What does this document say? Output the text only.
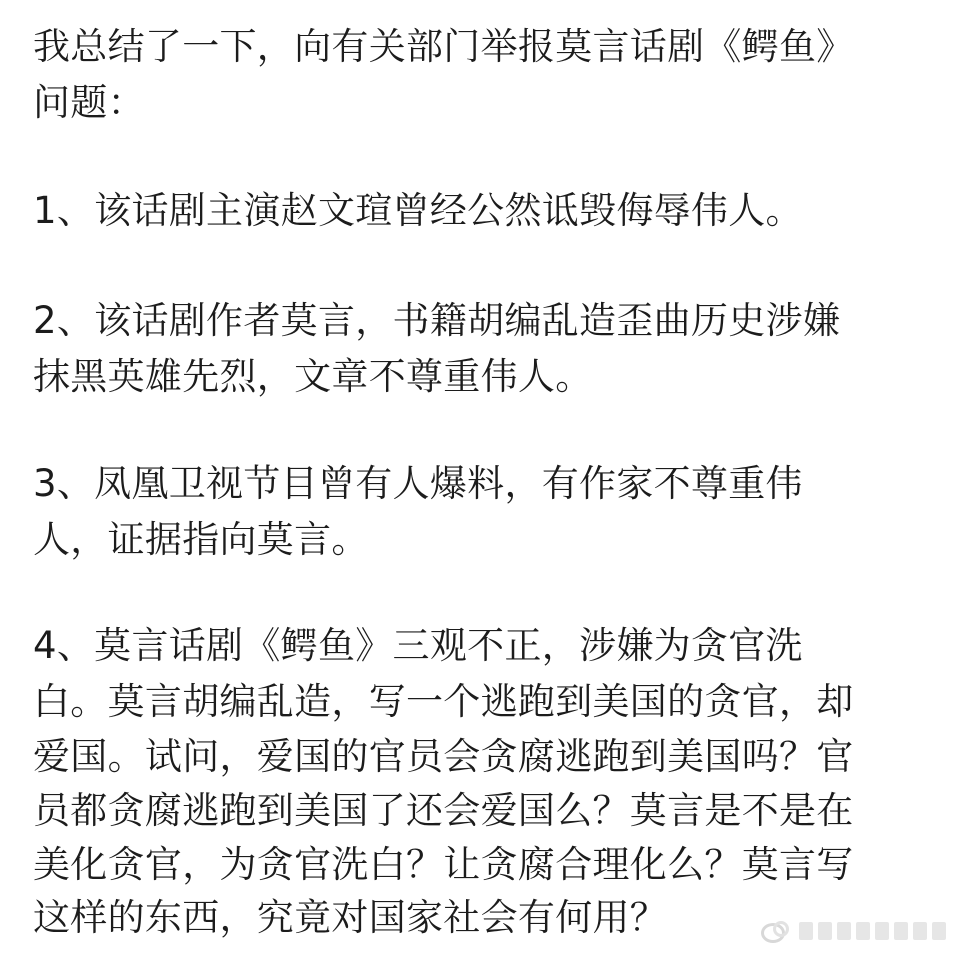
我总结了一下，向有关部门举报莫言话剧《鳄鱼》
问题：
1、该话剧主演赵文瑄曾经公然诋毁侮辱伟人。
2、该话剧作者莫言，书籍胡编乱造歪曲历史涉嫌
抹黑英雄先烈，文章不尊重伟人。
3、凤凰卫视节目曾有人爆料，有作家不尊重伟
人，证据指向莫言。
4、莫言话剧《鳄鱼》三观不正，涉嫌为贪官洗
白。莫言胡编乱造，写一个逃跑到美国的贪官，却
爱国。试问，爱国的官员会贪腐逃跑到美国吗？官
员都贪腐逃跑到美国了还会爱国么？莫言是不是在
美化贪官，为贪官洗白？让贪腐合理化么？莫言写
这样的东西，究竟对国家社会有何用？
